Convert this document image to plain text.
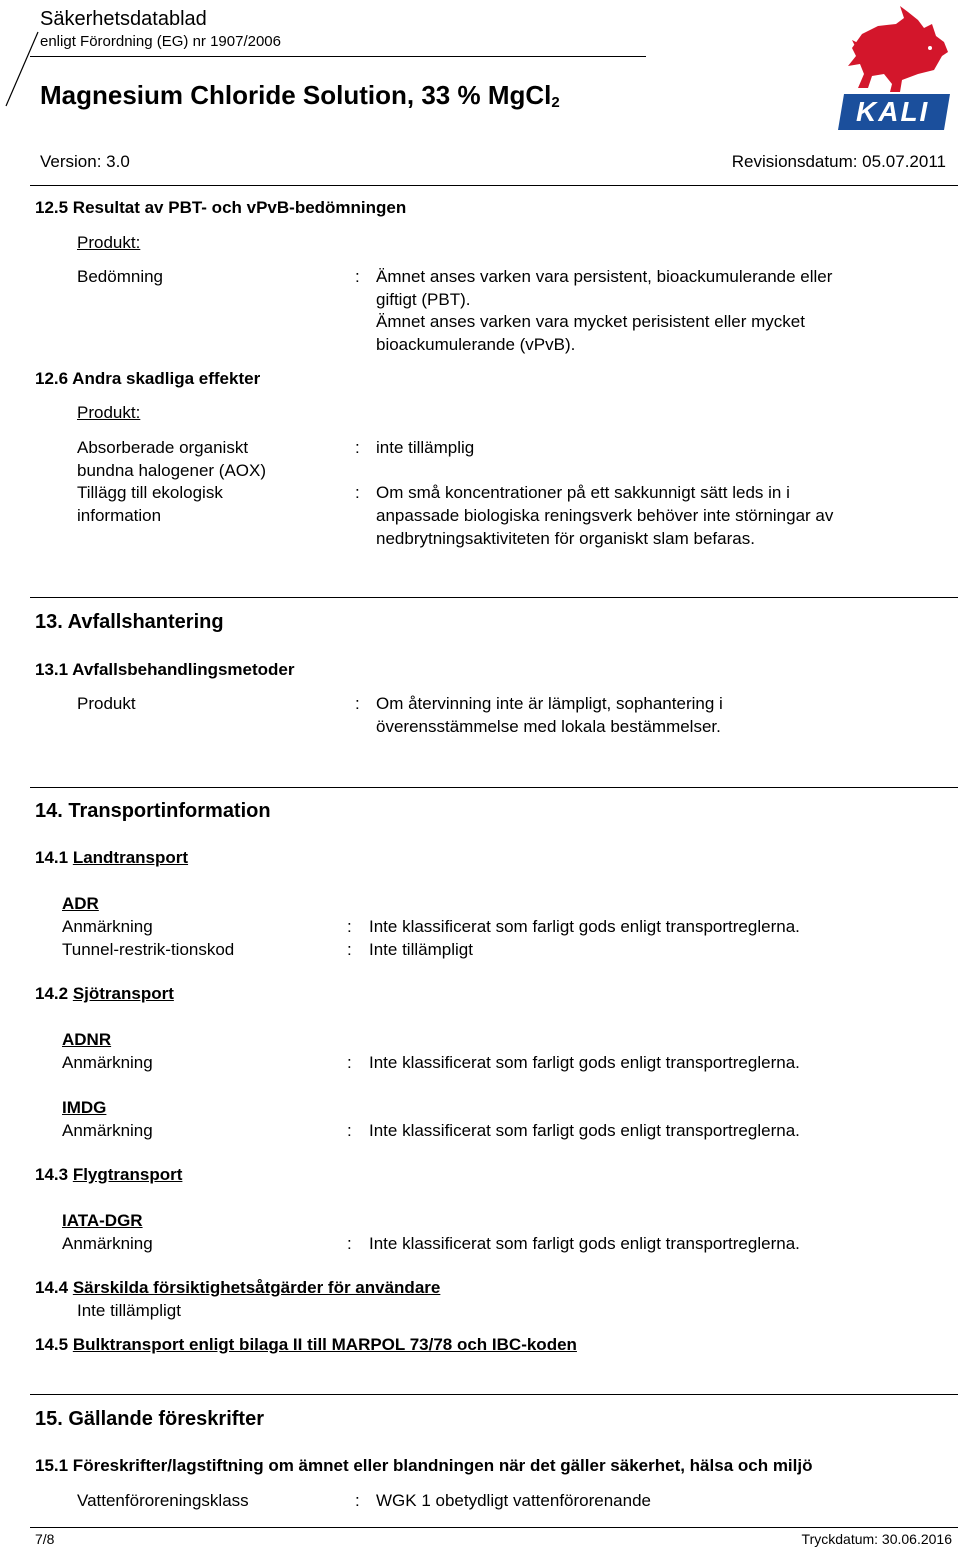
Säkerhetsdatablad
enligt Förordning (EG) nr 1907/2006
Magnesium Chloride Solution, 33 % MgCl$_2$	KALI
Version: 3.0	Revisionsdatum: 05.07.2011
12.5 Resultat av PBT- och vPvB-bedömningen
Produkt:
Bedömning	: Ämnet anses varken vara persistent, bioackumulerande eller
giftigt (PBT).
Ämnet anses varken vara mycket perisistent eller mycket
bioackumulerande (vPvB).
12.6 Andra skadliga effekter
Produkt:
Absorberade organiskt
bundna halogener (AOX)
: inte tillämplig
Tillägg till ekologisk
information
: Om små koncentrationer på ett sakkunnigt sätt leds in i
anpassade biologiska reningsverk behöver inte störningar av
nedbrytningsaktiviteten för organiskt slam befaras.
13. Avfallshantering
13.1 Avfallsbehandlingsmetoder
Produkt	: Om återvinning inte är lämpligt, sophantering i
överensstämmelse med lokala bestämmelser.
14. Transportinformation
14.1 Landtransport
ADR
Anmärkning	: Inte klassificerat som farligt gods enligt transportreglerna.
Tunnel-restrik-tionskod	: Inte tillämpligt
14.2 Sjötransport
ADNR
Anmärkning	: Inte klassificerat som farligt gods enligt transportreglerna.
IMDG
Anmärkning	: Inte klassificerat som farligt gods enligt transportreglerna.
14.3 Flygtransport
IATA-DGR
Anmärkning	: Inte klassificerat som farligt gods enligt transportreglerna.
14.4 Särskilda försiktighetsåtgärder för användare
Inte tillämpligt
14.5 Bulktransport enligt bilaga II till MARPOL 73/78 och IBC-koden
15. Gällande föreskrifter
15.1 Föreskrifter/lagstiftning om ämnet eller blandningen när det gäller säkerhet, hälsa och miljö
Vattenföroreningsklass	: WGK 1 obetydligt vattenförorenande
7/8	Tryckdatum: 30.06.2016
